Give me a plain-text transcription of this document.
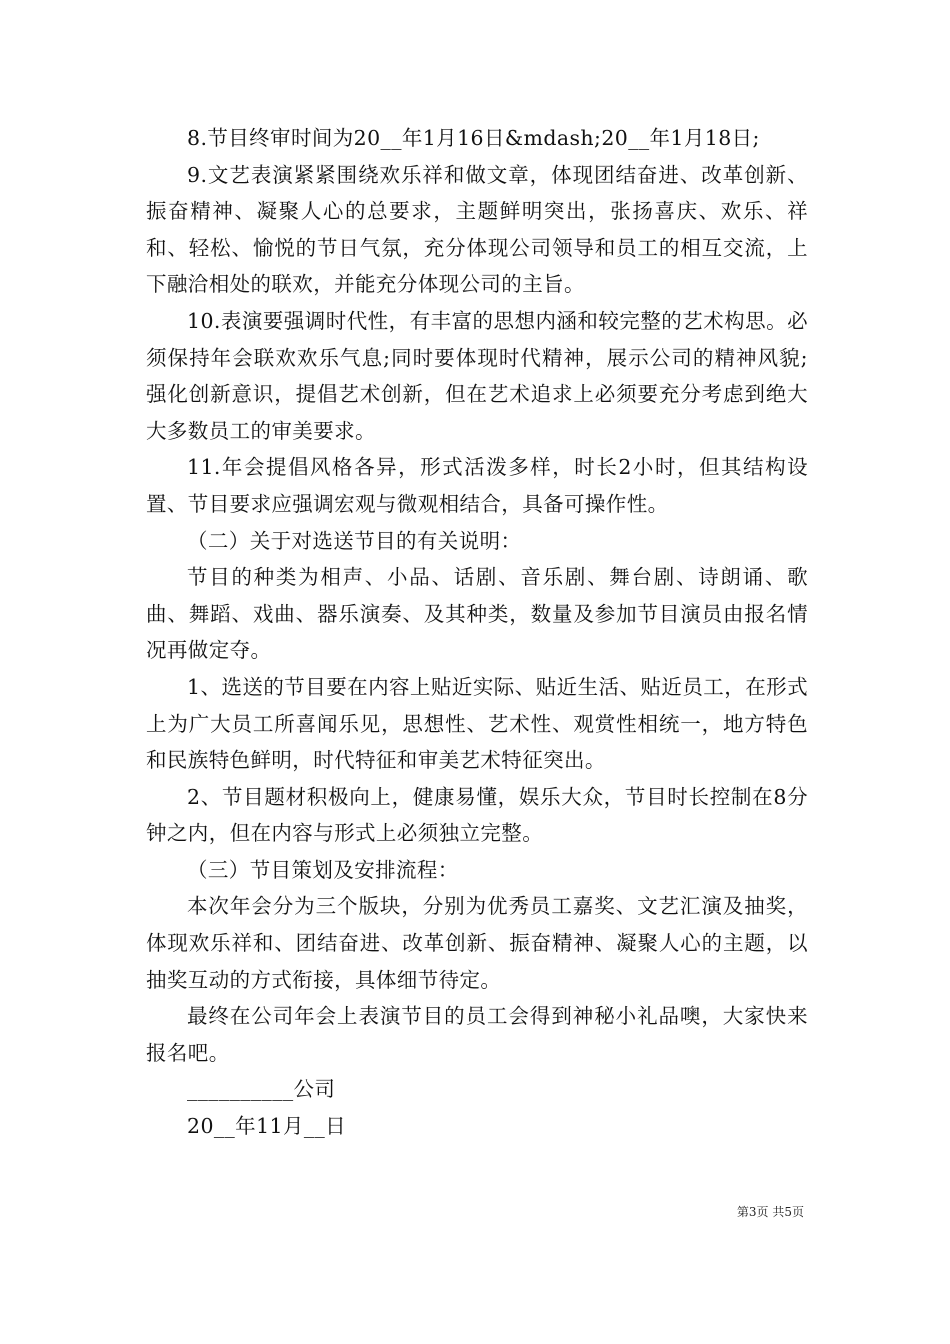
8.节目终审时间为20__年1月16日&mdash;20__年1月18日;

9.文艺表演紧紧围绕欢乐祥和做文章，体现团结奋进、改革创新、振奋精神、凝聚人心的总要求，主题鲜明突出，张扬喜庆、欢乐、祥和、轻松、愉悦的节日气氛，充分体现公司领导和员工的相互交流，上下融洽相处的联欢，并能充分体现公司的主旨。

10.表演要强调时代性，有丰富的思想内涵和较完整的艺术构思。必须保持年会联欢欢乐气息;同时要体现时代精神，展示公司的精神风貌;强化创新意识，提倡艺术创新，但在艺术追求上必须要充分考虑到绝大大多数员工的审美要求。

11.年会提倡风格各异，形式活泼多样，时长2小时，但其结构设置、节目要求应强调宏观与微观相结合，具备可操作性。

（二）关于对选送节目的有关说明：

节目的种类为相声、小品、话剧、音乐剧、舞台剧、诗朗诵、歌曲、舞蹈、戏曲、器乐演奏、及其种类，数量及参加节目演员由报名情况再做定夺。

1、选送的节目要在内容上贴近实际、贴近生活、贴近员工，在形式上为广大员工所喜闻乐见，思想性、艺术性、观赏性相统一，地方特色和民族特色鲜明，时代特征和审美艺术特征突出。

2、节目题材积极向上，健康易懂，娱乐大众，节目时长控制在8分钟之内，但在内容与形式上必须独立完整。

（三）节目策划及安排流程：

本次年会分为三个版块，分别为优秀员工嘉奖、文艺汇演及抽奖，体现欢乐祥和、团结奋进、改革创新、振奋精神、凝聚人心的主题，以抽奖互动的方式衔接，具体细节待定。

最终在公司年会上表演节目的员工会得到神秘小礼品噢，大家快来报名吧。

__________公司

20__年11月__日

第3页 共5页
